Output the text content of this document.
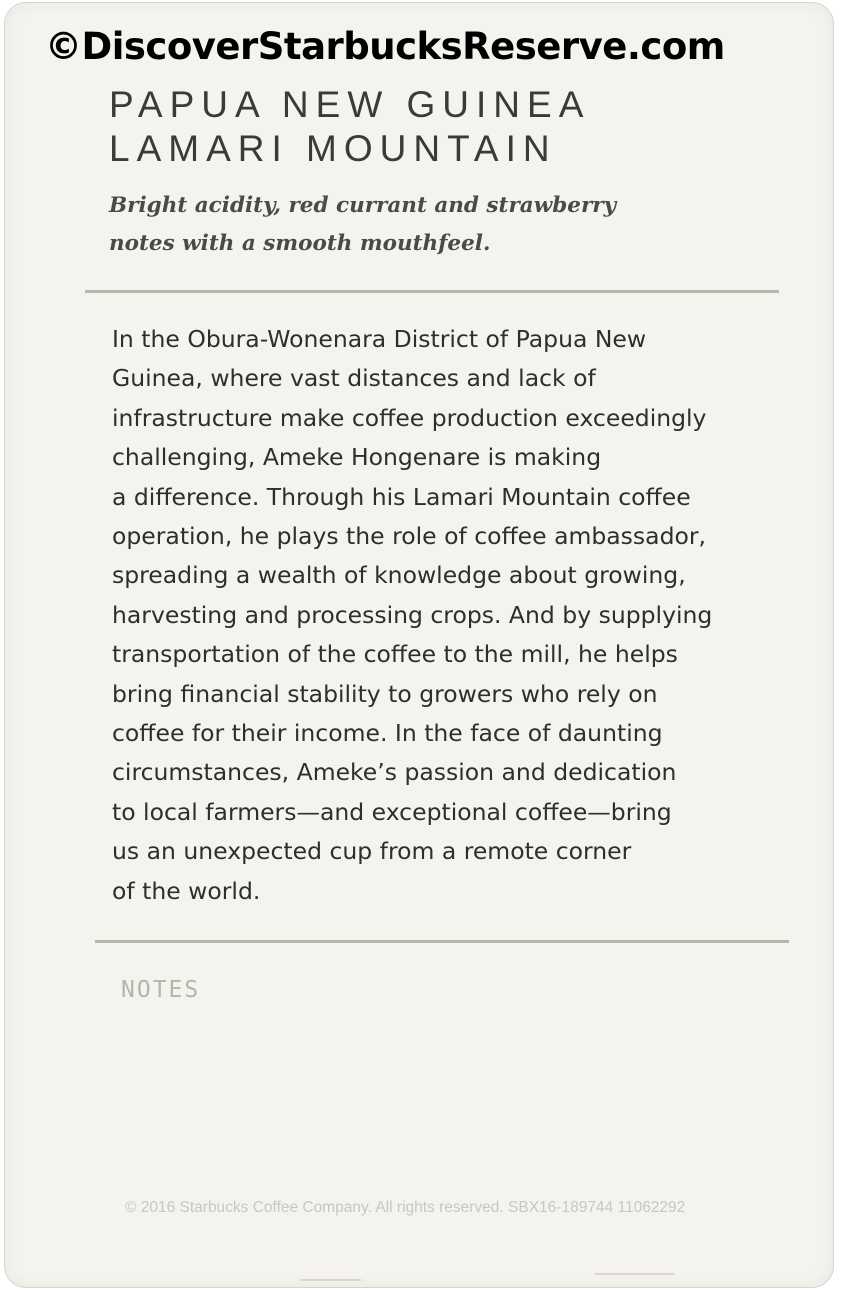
©DiscoverStarbucksReserve.com
PAPUA NEW GUINEA
LAMARI MOUNTAIN
Bright acidity, red currant and strawberry
notes with a smooth mouthfeel.
In the Obura-Wonenara District of Papua New
Guinea, where vast distances and lack of
infrastructure make coffee production exceedingly
challenging, Ameke Hongenare is making
a difference. Through his Lamari Mountain coffee
operation, he plays the role of coffee ambassador,
spreading a wealth of knowledge about growing,
harvesting and processing crops. And by supplying
transportation of the coffee to the mill, he helps
bring financial stability to growers who rely on
coffee for their income. In the face of daunting
circumstances, Ameke’s passion and dedication
to local farmers—and exceptional coffee—bring
us an unexpected cup from a remote corner
of the world.
NOTES
© 2016 Starbucks Coffee Company. All rights reserved. SBX16-189744 11062292
